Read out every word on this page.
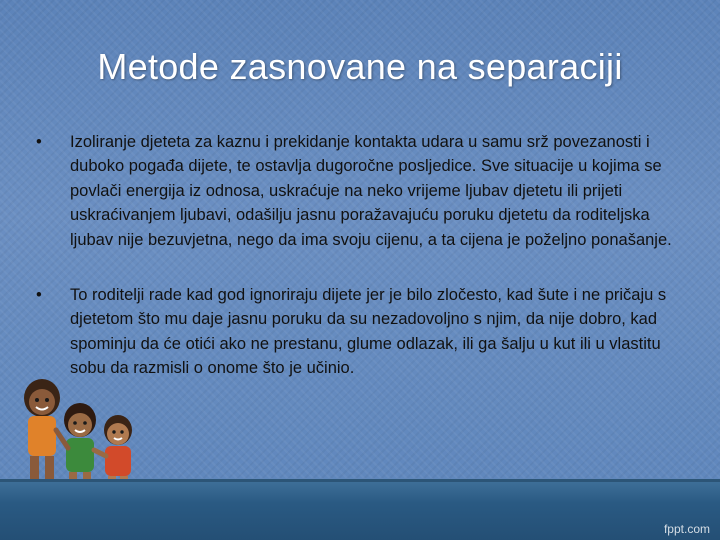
Metode zasnovane na separaciji
• Izoliranje djeteta za kaznu i prekidanje kontakta udara u samu srž povezanosti i duboko pogađa dijete, te ostavlja dugoročne posljedice. Sve situacije u kojima se povlači energija iz odnosa, uskraćuje na neko vrijeme ljubav djetetu ili prijeti uskraćivanjem ljubavi, odašilju jasnu poražavajuću poruku djetetu da roditeljska ljubav nije bezuvjetna, nego da ima svoju cijenu, a ta cijena je poželjno ponašanje.
• To roditelji rade kad god ignoriraju dijete jer je bilo zločesto, kad šute i ne pričaju s djetetom što mu daje jasnu poruku da su nezadovoljno s njim, da nije dobro, kad spominju da će otići ako ne prestanu, glume odlazak, ili ga šalju u kut ili u vlastitu sobu da razmisli o onome što je učinio.
fppt.com
